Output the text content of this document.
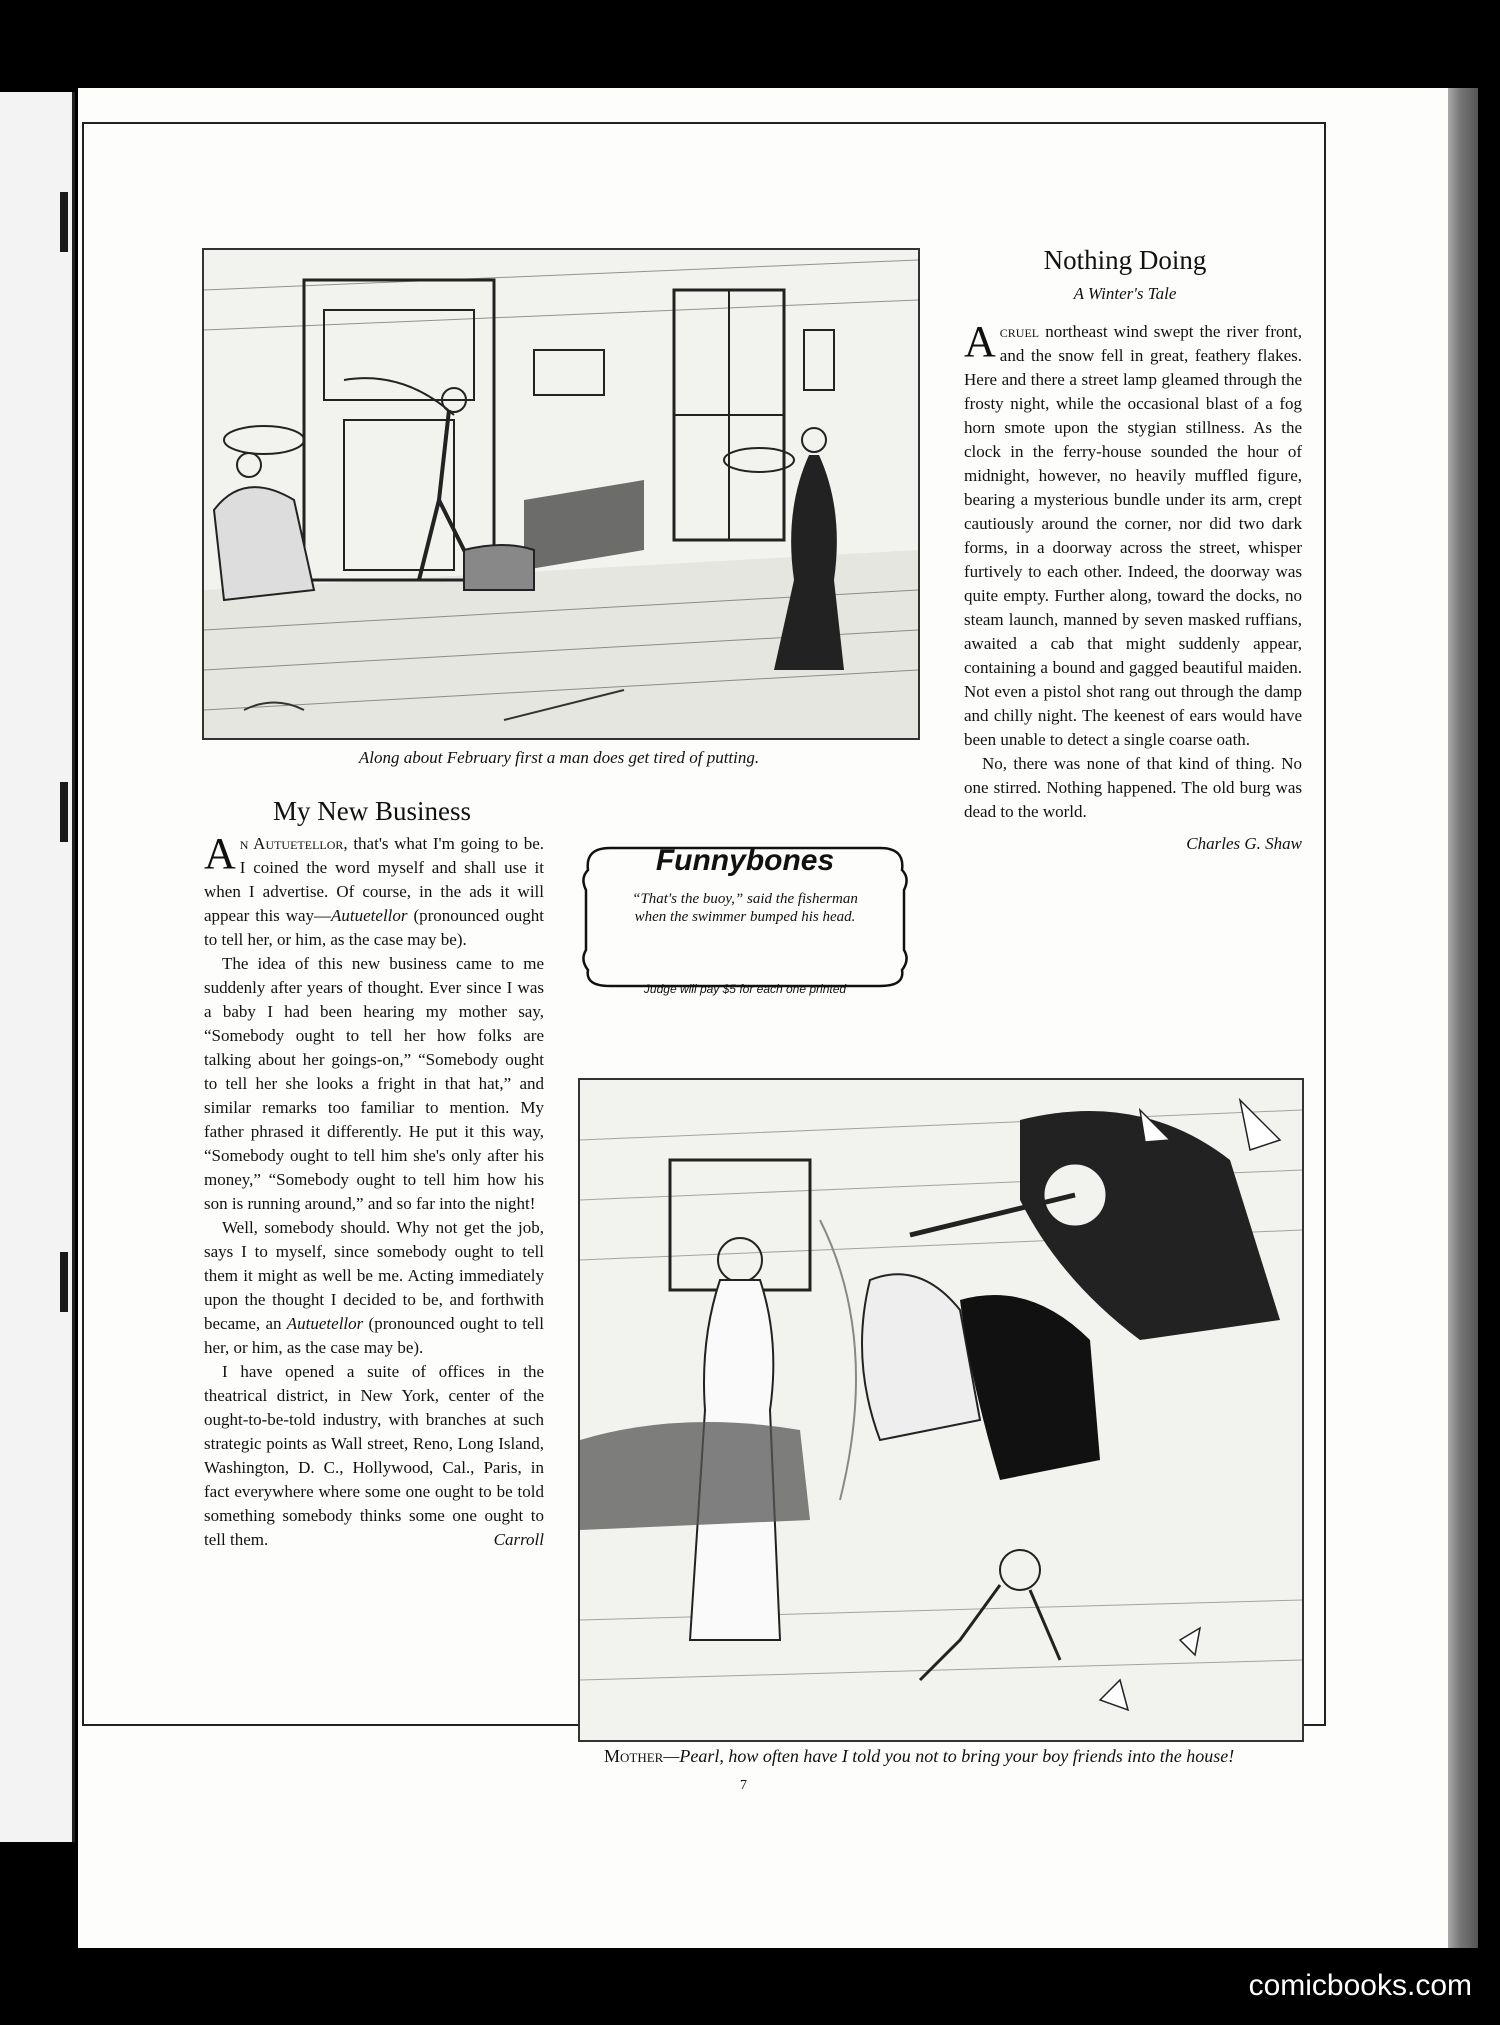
Along about February first a man does get tired of putting.
Nothing Doing
A Winter's Tale

Acruel northeast wind swept the river front, and the snow fell in great, feathery flakes. Here and there a street lamp gleamed through the frosty night, while the occasional blast of a fog horn smote upon the stygian stillness. As the clock in the ferry-house sounded the hour of midnight, however, no heavily muffled figure, bearing a mysterious bundle under its arm, crept cautiously around the corner, nor did two dark forms, in a doorway across the street, whisper furtively to each other. Indeed, the doorway was quite empty. Further along, toward the docks, no steam launch, manned by seven masked ruffians, awaited a cab that might suddenly appear, containing a bound and gagged beautiful maiden. Not even a pistol shot rang out through the damp and chilly night. The keenest of ears would have been unable to detect a single coarse oath.

No, there was none of that kind of thing. No one stirred. Nothing happened. The old burg was dead to the world.

Charles G. Shaw
My New Business

An Autuetellor, that's what I'm going to be. I coined the word myself and shall use it when I advertise. Of course, in the ads it will appear this way—Autuetellor (pronounced ought to tell her, or him, as the case may be).

The idea of this new business came to me suddenly after years of thought. Ever since I was a baby I had been hearing my mother say, “Somebody ought to tell her how folks are talking about her goings-on,” “Somebody ought to tell her she looks a fright in that hat,” and similar remarks too familiar to mention. My father phrased it differently. He put it this way, “Somebody ought to tell him she's only after his money,” “Somebody ought to tell him how his son is running around,” and so far into the night!

Well, somebody should. Why not get the job, says I to myself, since somebody ought to tell them it might as well be me. Acting immediately upon the thought I decided to be, and forthwith became, an Autuetellor (pronounced ought to tell her, or him, as the case may be).

I have opened a suite of offices in the theatrical district, in New York, center of the ought-to-be-told industry, with branches at such strategic points as Wall street, Reno, Long Island, Washington, D. C., Hollywood, Cal., Paris, in fact everywhere where some one ought to be told something somebody thinks some one ought to tell them.	Carroll
Funnybones
“That's the buoy,” said the fisherman when the swimmer bumped his head.
Judge will pay $5 for each one printed
Mother—Pearl, how often have I told you not to bring your boy friends into the house!
7
comicbooks.com
